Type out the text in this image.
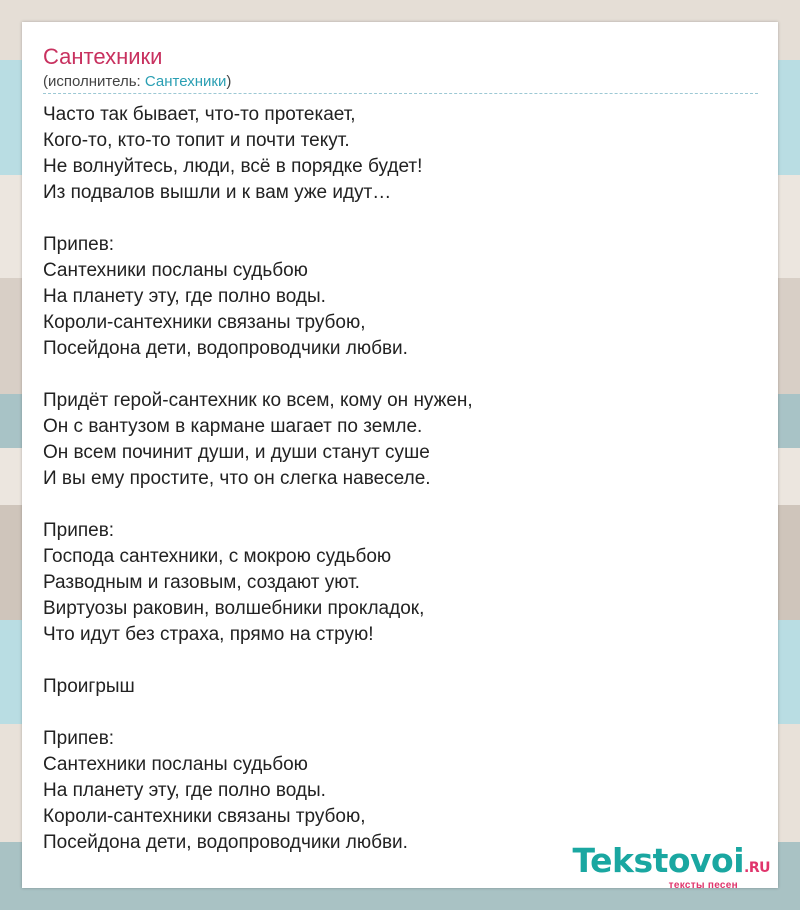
Сантехники
(исполнитель: Сантехники)
Часто так бывает, что-то протекает,
Кого-то, кто-то топит и почти текут.
Не волнуйтесь, люди, всё в порядке будет!
Из подвалов вышли и к вам уже идут…

Припев:
Сантехники посланы судьбою
На планету эту, где полно воды.
Короли-сантехники связаны трубою,
Посейдона дети, водопроводчики любви.

Придёт герой-сантехник ко всем, кому он нужен,
Он с вантузом в кармане шагает по земле.
Он всем починит души, и души станут суше
И вы ему простите, что он слегка навеселе.

Припев:
Господа сантехники, с мокрою судьбою
Разводным и газовым, создают уют.
Виртуозы раковин, волшебники прокладок,
Что идут без страха, прямо на струю!

Проигрыш

Припев:
Сантехники посланы судьбою
На планету эту, где полно воды.
Короли-сантехники связаны трубою,
Посейдона дети, водопроводчики любви.	Tekstovoi.RU
тексты песен
